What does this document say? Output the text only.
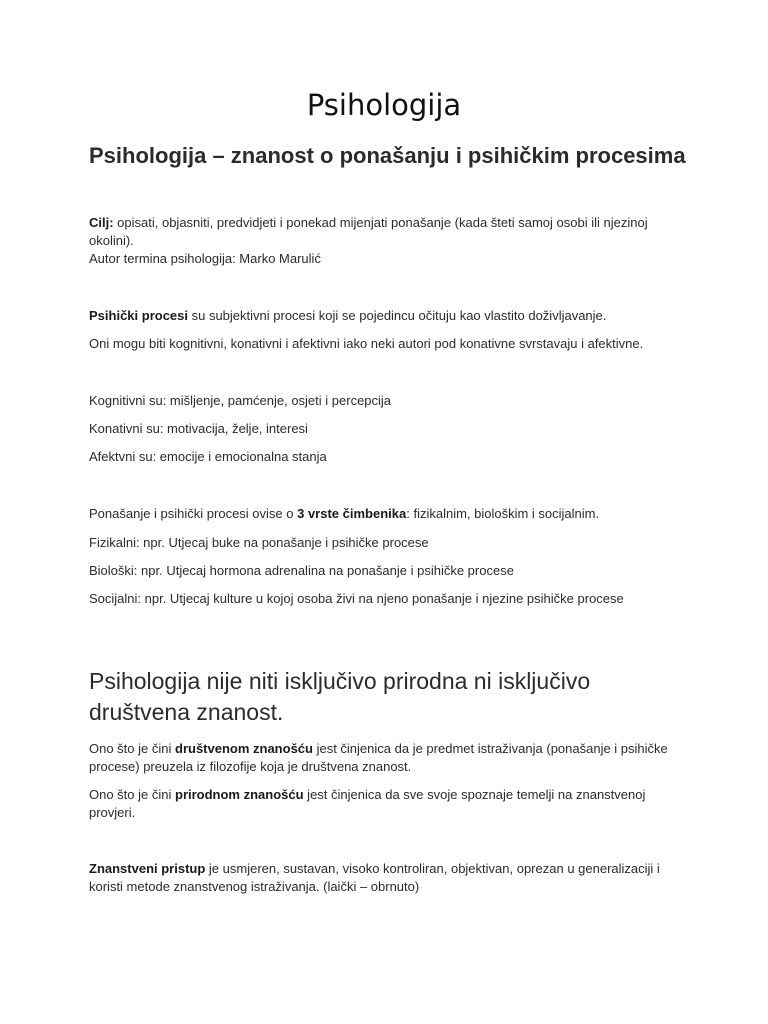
Psihologija
Psihologija – znanost o ponašanju i psihičkim procesima

Cilj: opisati, objasniti, predvidjeti i ponekad mijenjati ponašanje (kada šteti samoj osobi ili njezinoj okolini).

Autor termina psihologija: Marko Marulić

Psihički procesi su subjektivni procesi koji se pojedincu očituju kao vlastito doživljavanje.

Oni mogu biti kognitivni, konativni i afektivni iako neki autori pod konativne svrstavaju i afektivne.

Kognitivni su: mišljenje, pamćenje, osjeti i percepcija

Konativni su: motivacija, želje, interesi

Afektvni su: emocije i emocionalna stanja

Ponašanje i psihički procesi ovise o 3 vrste čimbenika: fizikalnim, biološkim i socijalnim.

Fizikalni: npr. Utjecaj buke na ponašanje i psihičke procese

Biološki: npr. Utjecaj hormona adrenalina na ponašanje i psihičke procese

Socijalni: npr. Utjecaj kulture u kojoj osoba živi na njeno ponašanje i njezine psihičke procese

Psihologija nije niti isključivo prirodna ni isključivo društvena znanost.

Ono što je čini društvenom znanošću jest činjenica da je predmet istraživanja (ponašanje i psihičke procese) preuzela iz filozofije koja je društvena znanost.

Ono što je čini prirodnom znanošću jest činjenica da sve svoje spoznaje temelji na znanstvenoj provjeri.

Znanstveni pristup je usmjeren, sustavan, visoko kontroliran, objektivan, oprezan u generalizaciji i koristi metode znanstvenog istraživanja. (laički – obrnuto)
